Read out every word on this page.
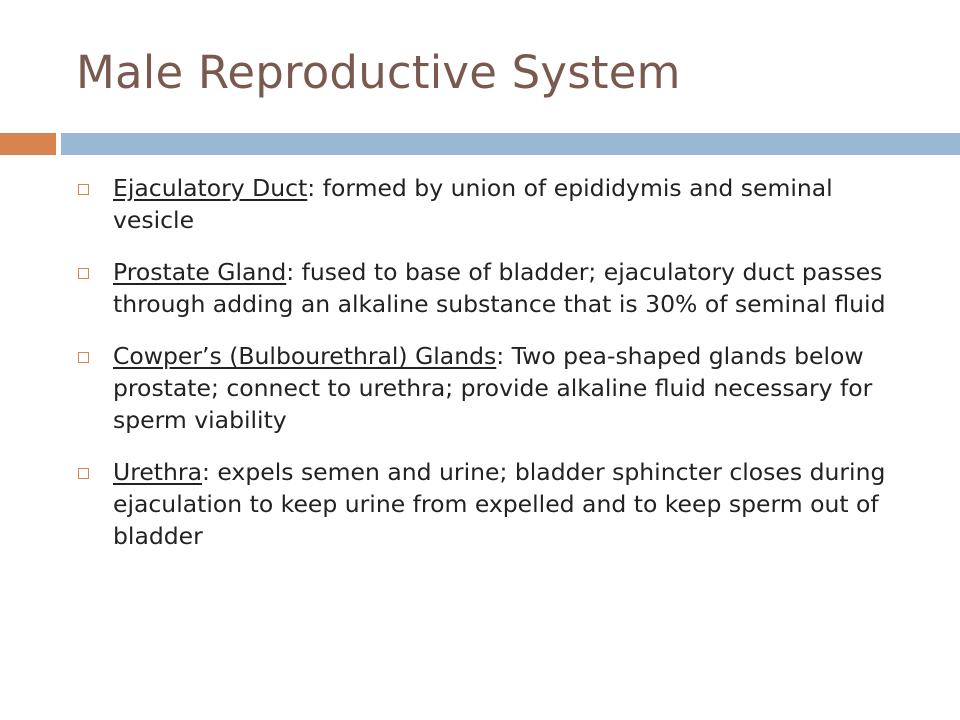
Male Reproductive System
Ejaculatory Duct: formed by union of epididymis and seminal vesicle
Prostate Gland: fused to base of bladder; ejaculatory duct passes through adding an alkaline substance that is 30% of seminal fluid
Cowper’s (Bulbourethral) Glands: Two pea-shaped glands below prostate; connect to urethra; provide alkaline fluid necessary for sperm viability
Urethra: expels semen and urine; bladder sphincter closes during ejaculation to keep urine from expelled and to keep sperm out of bladder
